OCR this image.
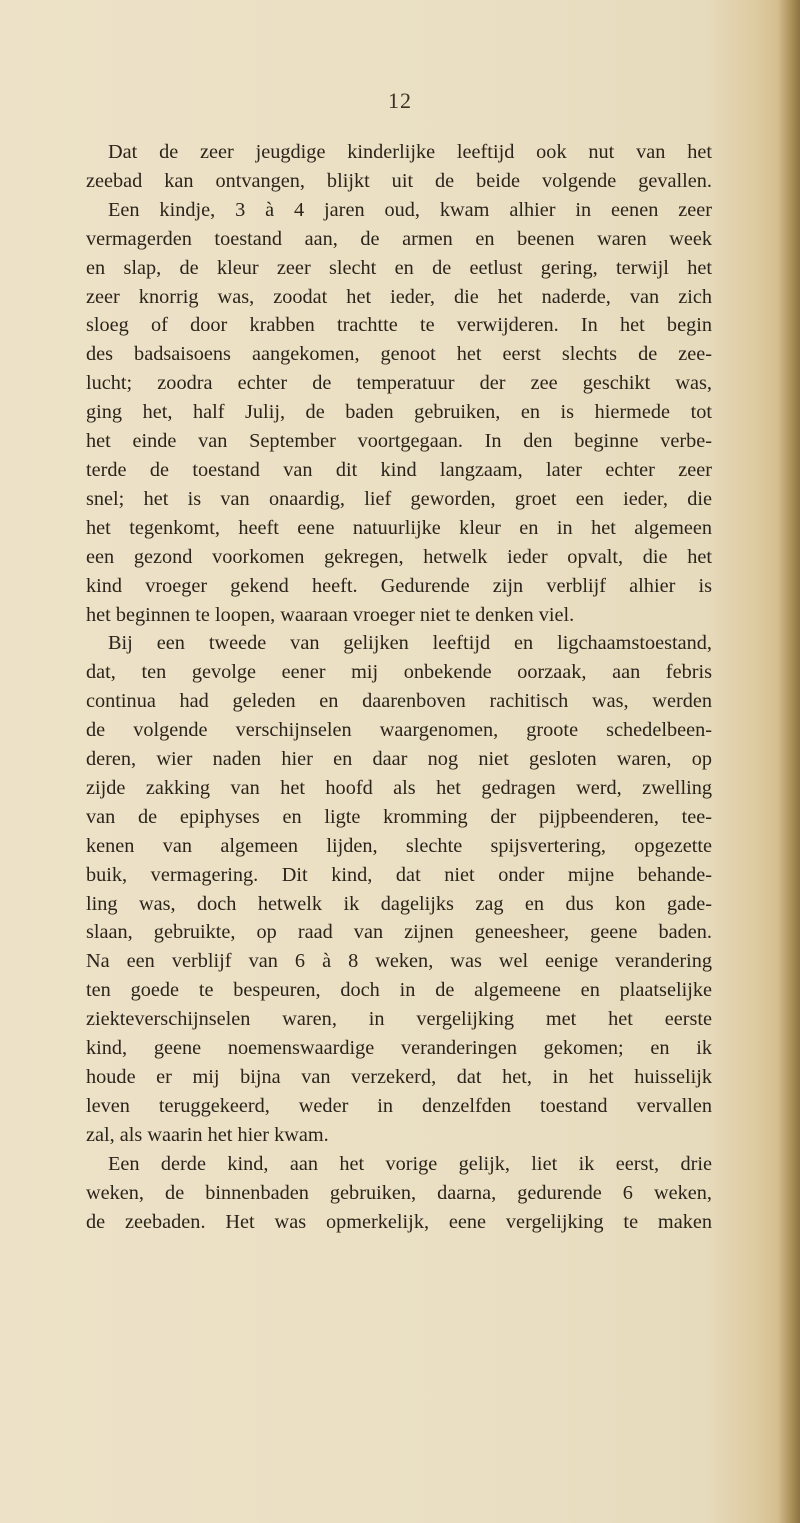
12
Dat de zeer jeugdige kinderlijke leeftijd ook nut van het
zeebad kan ontvangen, blijkt uit de beide volgende gevallen.
Een kindje, 3 à 4 jaren oud, kwam alhier in eenen zeer
vermagerden toestand aan, de armen en beenen waren week
en slap, de kleur zeer slecht en de eetlust gering, terwijl het
zeer knorrig was, zoodat het ieder, die het naderde, van zich
sloeg of door krabben trachtte te verwijderen. In het begin
des badsaisoens aangekomen, genoot het eerst slechts de zee-
lucht; zoodra echter de temperatuur der zee geschikt was,
ging het, half Julij, de baden gebruiken, en is hiermede tot
het einde van September voortgegaan. In den beginne verbe-
terde de toestand van dit kind langzaam, later echter zeer
snel; het is van onaardig, lief geworden, groet een ieder, die
het tegenkomt, heeft eene natuurlijke kleur en in het algemeen
een gezond voorkomen gekregen, hetwelk ieder opvalt, die het
kind vroeger gekend heeft. Gedurende zijn verblijf alhier is
het beginnen te loopen, waaraan vroeger niet te denken viel.
Bij een tweede van gelijken leeftijd en ligchaamstoestand,
dat, ten gevolge eener mij onbekende oorzaak, aan febris
continua had geleden en daarenboven rachitisch was, werden
de volgende verschijnselen waargenomen, groote schedelbeen-
deren, wier naden hier en daar nog niet gesloten waren, op
zijde zakking van het hoofd als het gedragen werd, zwelling
van de epiphyses en ligte kromming der pijpbeenderen, tee-
kenen van algemeen lijden, slechte spijsvertering, opgezette
buik, vermagering. Dit kind, dat niet onder mijne behande-
ling was, doch hetwelk ik dagelijks zag en dus kon gade-
slaan, gebruikte, op raad van zijnen geneesheer, geene baden.
Na een verblijf van 6 à 8 weken, was wel eenige verandering
ten goede te bespeuren, doch in de algemeene en plaatselijke
ziekteverschijnselen waren, in vergelijking met het eerste
kind, geene noemenswaardige veranderingen gekomen; en ik
houde er mij bijna van verzekerd, dat het, in het huisselijk
leven teruggekeerd, weder in denzelfden toestand vervallen
zal, als waarin het hier kwam.
Een derde kind, aan het vorige gelijk, liet ik eerst, drie
weken, de binnenbaden gebruiken, daarna, gedurende 6 weken,
de zeebaden. Het was opmerkelijk, eene vergelijking te maken
